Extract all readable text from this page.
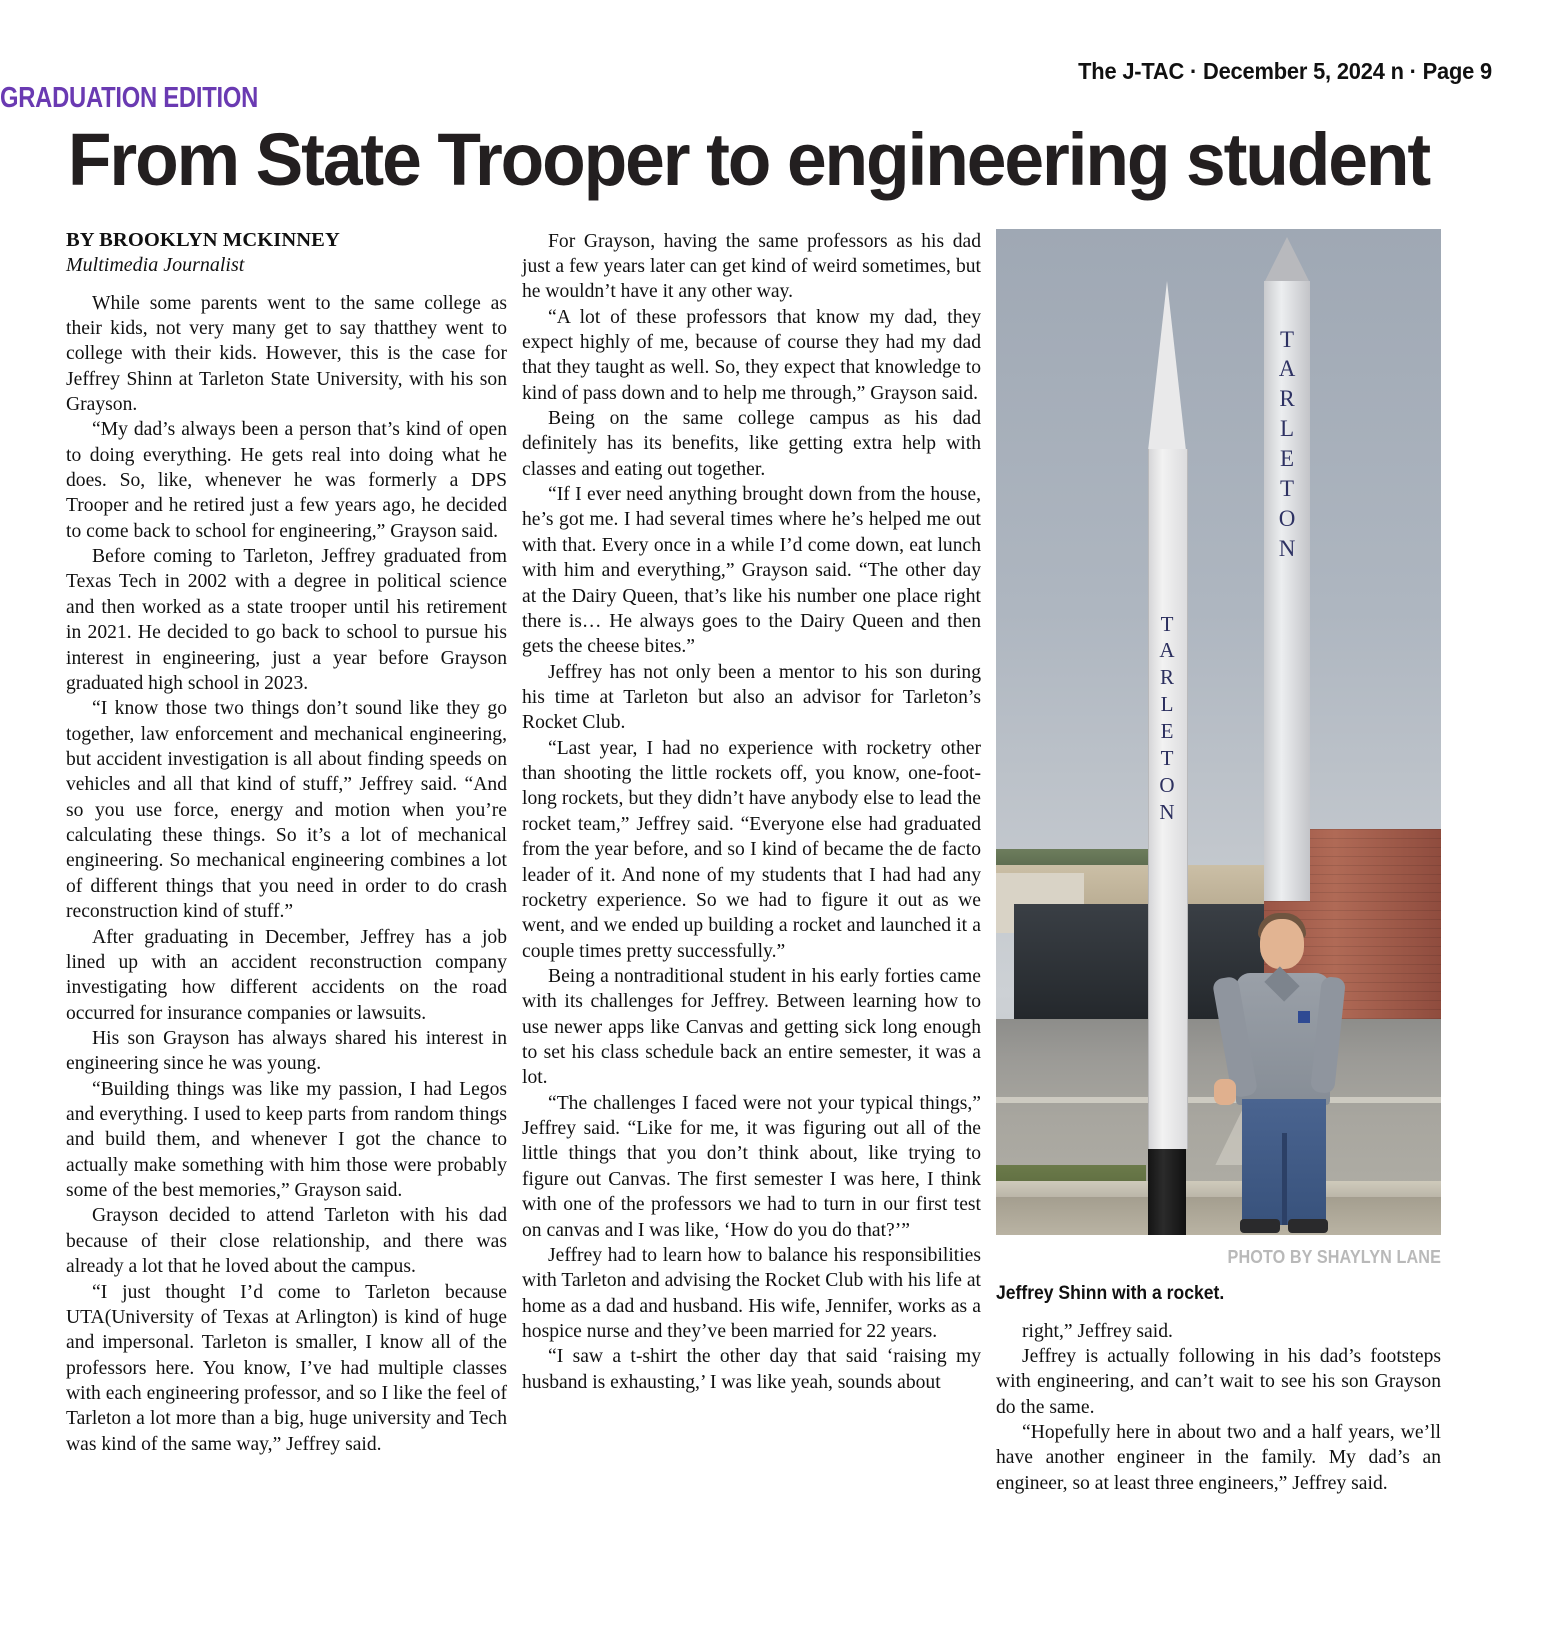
The J-TAC · December 5, 2024 n · Page 9
GRADUATION EDITION
From State Trooper to engineering student
BY BROOKLYN MCKINNEY
Multimedia Journalist

While some parents went to the same college as their kids, not very many get to say thatthey went to college with their kids. However, this is the case for Jeffrey Shinn at Tarleton State University, with his son Grayson.

“My dad’s always been a person that’s kind of open to doing everything. He gets real into doing what he does. So, like, whenever he was formerly a DPS Trooper and he retired just a few years ago, he decided to come back to school for engineering,” Grayson said.

Before coming to Tarleton, Jeffrey graduated from Texas Tech in 2002 with a degree in political science and then worked as a state trooper until his retirement in 2021. He decided to go back to school to pursue his interest in engineering, just a year before Grayson graduated high school in 2023.

“I know those two things don’t sound like they go together, law enforcement and mechanical engineering, but accident investigation is all about finding speeds on vehicles and all that kind of stuff,” Jeffrey said. “And so you use force, energy and motion when you’re calculating these things. So it’s a lot of mechanical engineering. So mechanical engineering combines a lot of different things that you need in order to do crash reconstruction kind of stuff.”

After graduating in December, Jeffrey has a job lined up with an accident reconstruction company investigating how different accidents on the road occurred for insurance companies or lawsuits.

His son Grayson has always shared his interest in engineering since he was young.

“Building things was like my passion, I had Legos and everything. I used to keep parts from random things and build them, and whenever I got the chance to actually make something with him those were probably some of the best memories,” Grayson said.

Grayson decided to attend Tarleton with his dad because of their close relationship, and there was already a lot that he loved about the campus.

“I just thought I’d come to Tarleton because UTA(University of Texas at Arlington) is kind of huge and impersonal. Tarleton is smaller, I know all of the professors here. You know, I’ve had multiple classes with each engineering professor, and so I like the feel of Tarleton a lot more than a big, huge university and Tech was kind of the same way,” Jeffrey said.

For Grayson, having the same professors as his dad just a few years later can get kind of weird sometimes, but he wouldn’t have it any other way.

“A lot of these professors that know my dad, they expect highly of me, because of course they had my dad that they taught as well. So, they expect that knowledge to kind of pass down and to help me through,” Grayson said.

Being on the same college campus as his dad definitely has its benefits, like getting extra help with classes and eating out together.

“If I ever need anything brought down from the house, he’s got me. I had several times where he’s helped me out with that. Every once in a while I’d come down, eat lunch with him and everything,” Grayson said. “The other day at the Dairy Queen, that’s like his number one place right there is… He always goes to the Dairy Queen and then gets the cheese bites.”

Jeffrey has not only been a mentor to his son during his time at Tarleton but also an advisor for Tarleton’s Rocket Club.

“Last year, I had no experience with rocketry other than shooting the little rockets off, you know, one-foot-long rockets, but they didn’t have anybody else to lead the rocket team,” Jeffrey said. “Everyone else had graduated from the year before, and so I kind of became the de facto leader of it. And none of my students that I had had any rocketry experience. So we had to figure it out as we went, and we ended up building a rocket and launched it a couple times pretty successfully.”

Being a nontraditional student in his early forties came with its challenges for Jeffrey. Between learning how to use newer apps like Canvas and getting sick long enough to set his class schedule back an entire semester, it was a lot.

“The challenges I faced were not your typical things,” Jeffrey said. “Like for me, it was figuring out all of the little things that you don’t think about, like trying to figure out Canvas. The first semester I was here, I think with one of the professors we had to turn in our first test on canvas and I was like, ‘How do you do that?’”

Jeffrey had to learn how to balance his responsibilities with Tarleton and advising the Rocket Club with his life at home as a dad and husband. His wife, Jennifer, works as a hospice nurse and they’ve been married for 22 years.

“I saw a t-shirt the other day that said ‘raising my husband is exhausting,’ I was like yeah, sounds about

T
A
R
L
E
T
O
N
T
A
R
L
E
T
O
N
PHOTO BY SHAYLYN LANE
Jeffrey Shinn with a rocket.

right,” Jeffrey said.

Jeffrey is actually following in his dad’s footsteps with engineering, and can’t wait to see his son Grayson do the same.

“Hopefully here in about two and a half years, we’ll have another engineer in the family. My dad’s an engineer, so at least three engineers,” Jeffrey said.
